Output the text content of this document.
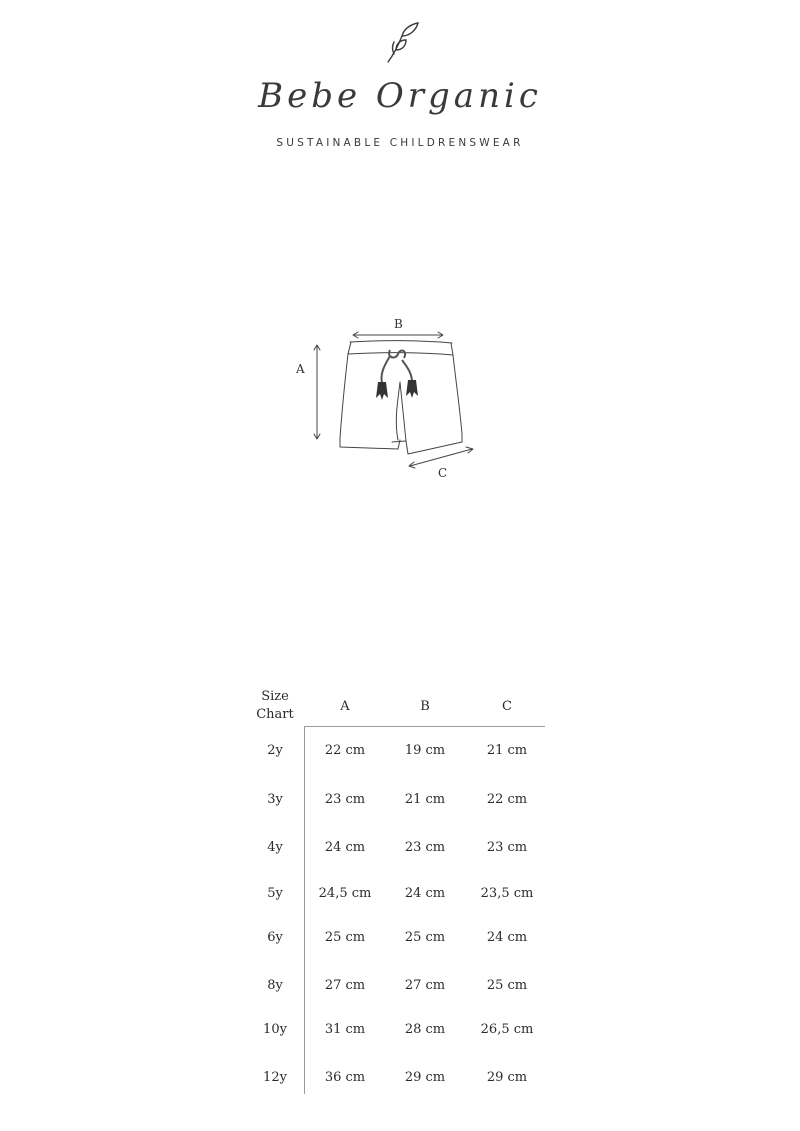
Bebe Organic
SUSTAINABLE CHILDRENSWEAR
A
B
C
Size
Chart
A	B	C
2y	22 cm	19 cm	21 cm
3y	23 cm	21 cm	22 cm
4y	24 cm	23 cm	23 cm
5y	24,5 cm	24 cm	23,5 cm
6y	25 cm	25 cm	24 cm
8y	27 cm	27 cm	25 cm
10y	31 cm	28 cm	26,5 cm
12y	36 cm	29 cm	29 cm
